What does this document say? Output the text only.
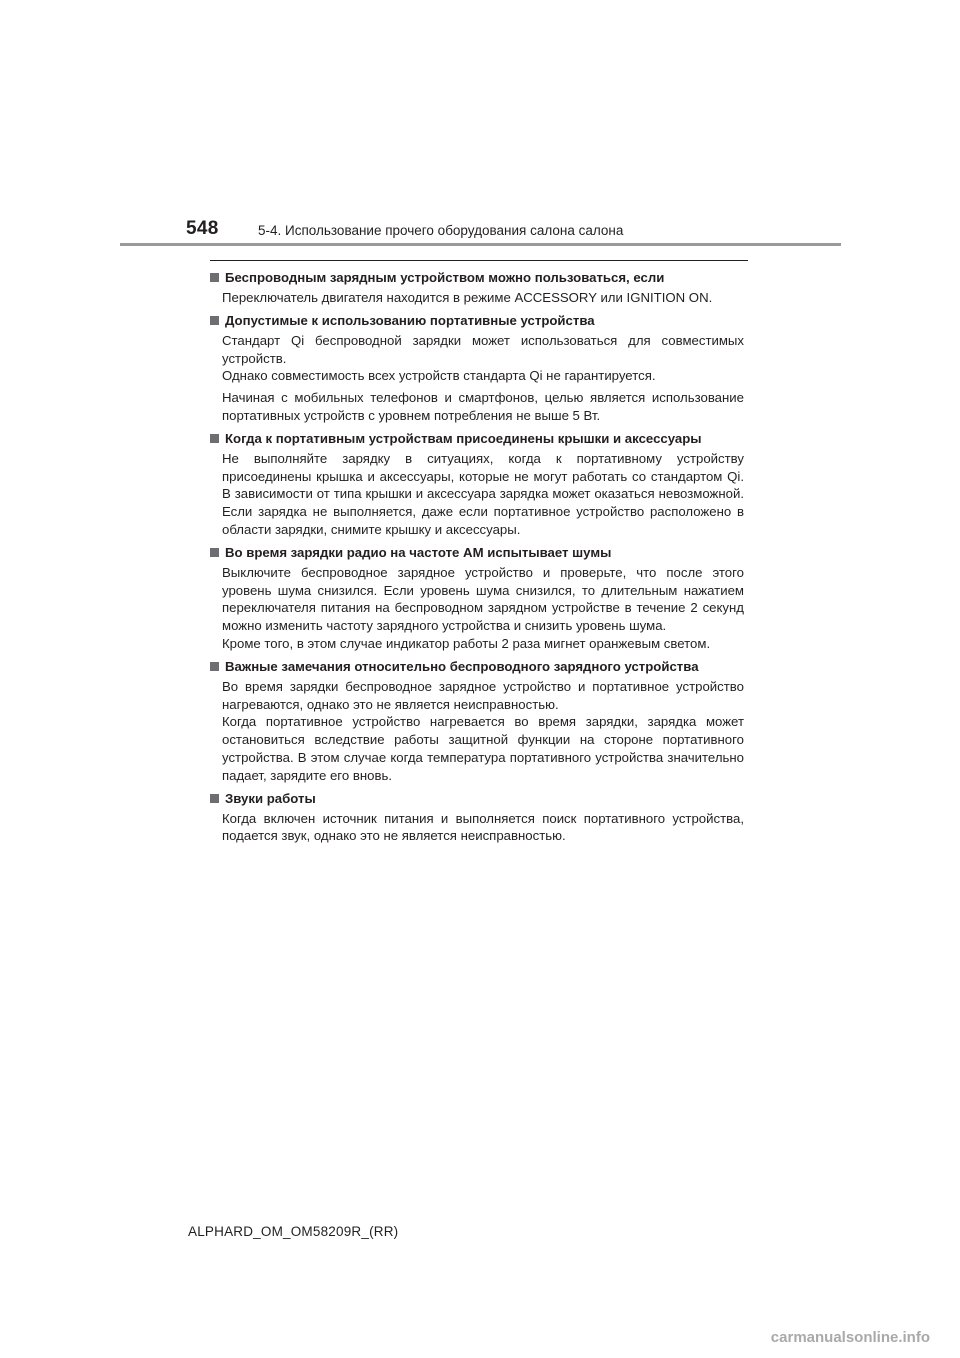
548	5-4. Использование прочего оборудования салона салона
Беспроводным зарядным устройством можно пользоваться, если

Переключатель двигателя находится в режиме ACCESSORY или IGNITION ON.

Допустимые к использованию портативные устройства

Стандарт Qi беспроводной зарядки может использоваться для совместимых устройств.

Однако совместимость всех устройств стандарта Qi не гарантируется.

Начиная с мобильных телефонов и смартфонов, целью является использование портативных устройств с уровнем потребления не выше 5 Вт.

Когда к портативным устройствам присоединены крышки и аксессуары

Не выполняйте зарядку в ситуациях, когда к портативному устройству присоединены крышка и аксессуары, которые не могут работать со стандартом Qi. В зависимости от типа крышки и аксессуара зарядка может оказаться невозможной. Если зарядка не выполняется, даже если портативное устройство расположено в области зарядки, снимите крышку и аксессуары.

Во время зарядки радио на частоте AM испытывает шумы

Выключите беспроводное зарядное устройство и проверьте, что после этого уровень шума снизился. Если уровень шума снизился, то длительным нажатием переключателя питания на беспроводном зарядном устройстве в течение 2 секунд можно изменить частоту зарядного устройства и снизить уровень шума.

Кроме того, в этом случае индикатор работы 2 раза мигнет оранжевым светом.

Важные замечания относительно беспроводного зарядного устройства

Во время зарядки беспроводное зарядное устройство и портативное устройство нагреваются, однако это не является неисправностью.

Когда портативное устройство нагревается во время зарядки, зарядка может остановиться вследствие работы защитной функции на стороне портативного устройства. В этом случае когда температура портативного устройства значительно падает, зарядите его вновь.

Звуки работы

Когда включен источник питания и выполняется поиск портативного устройства, подается звук, однако это не является неисправностью.

ALPHARD_OM_OM58209R_(RR)
carmanualsonline.info
